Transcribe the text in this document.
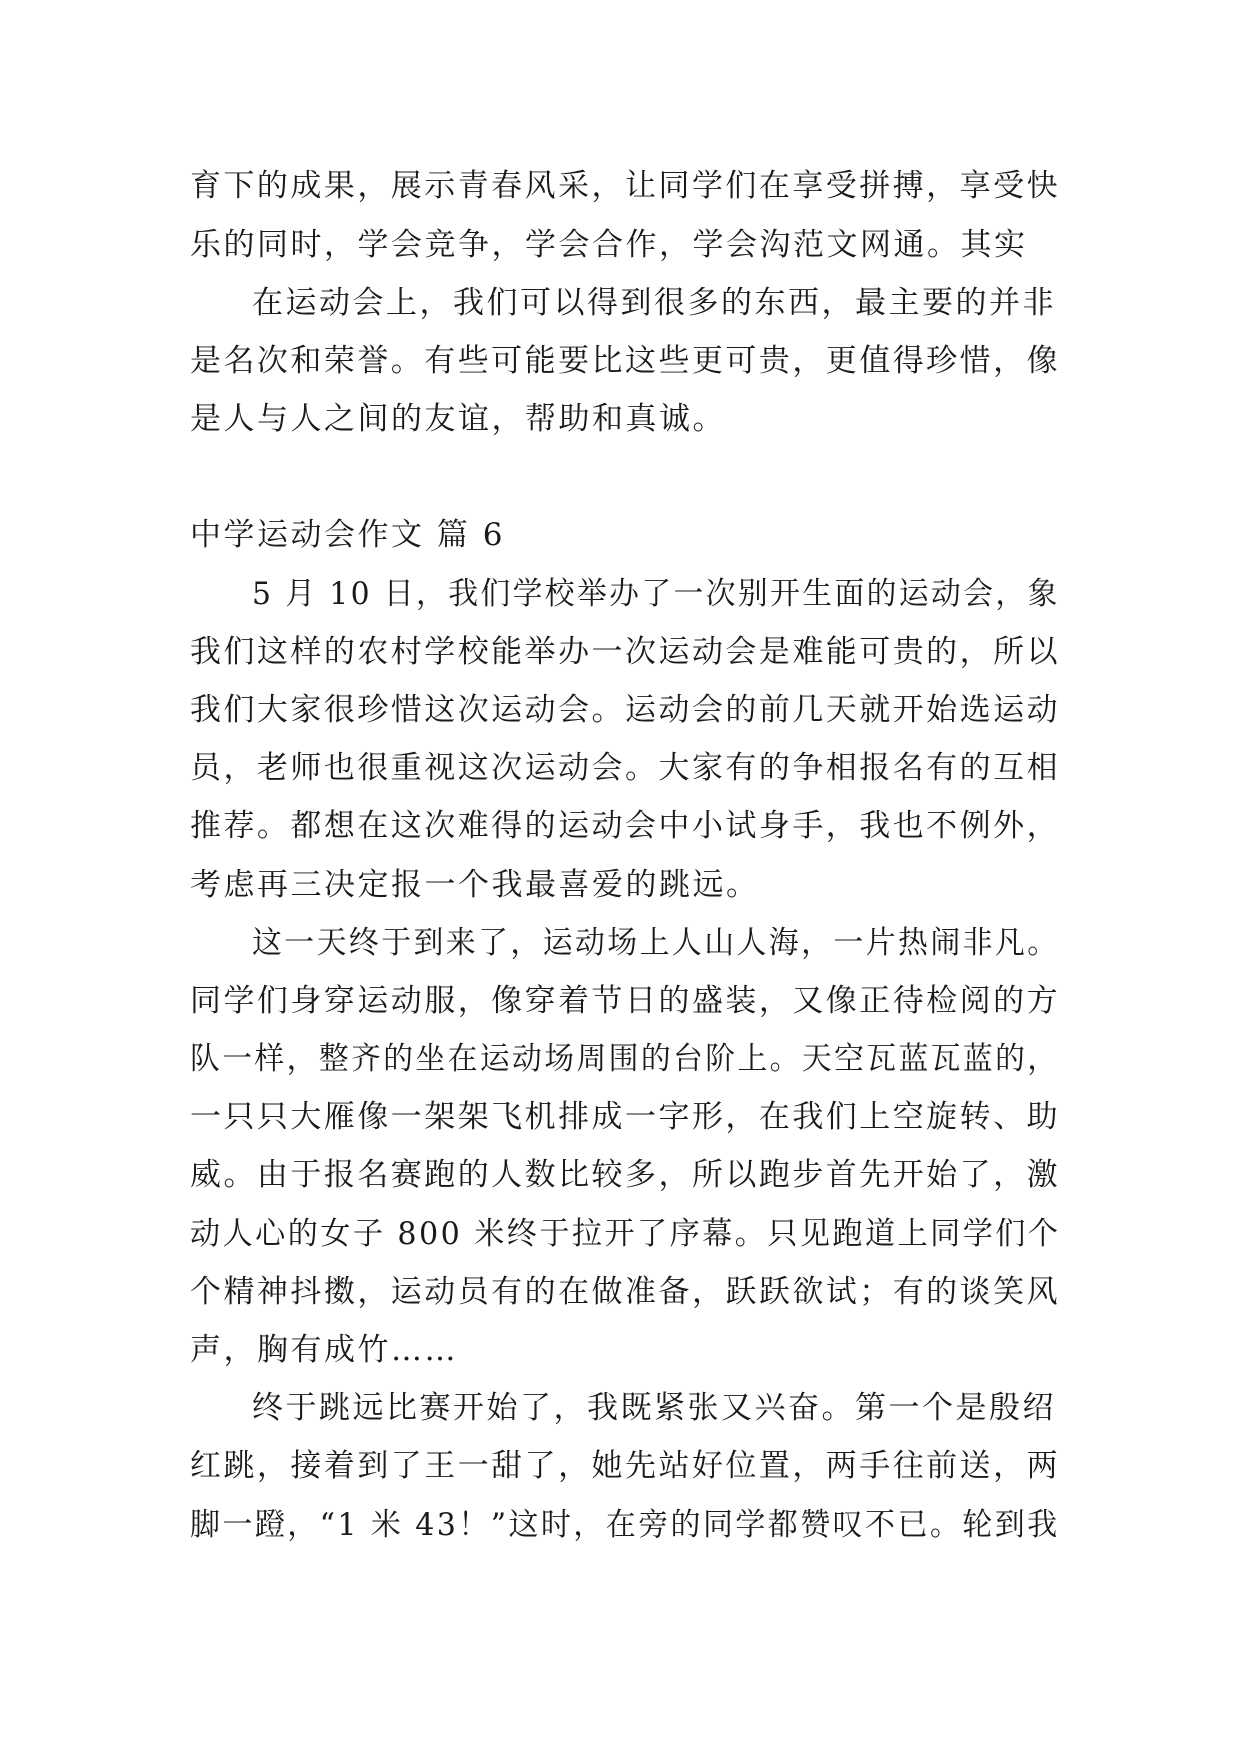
育下的成果，展示青春风采，让同学们在享受拼搏，享受快
乐的同时，学会竞争，学会合作，学会沟范文网通。其实
在运动会上，我们可以得到很多的东西，最主要的并非
是名次和荣誉。有些可能要比这些更可贵，更值得珍惜，像
是人与人之间的友谊，帮助和真诚。
中学运动会作文 篇 6
5 月 10 日，我们学校举办了一次别开生面的运动会，象
我们这样的农村学校能举办一次运动会是难能可贵的，所以
我们大家很珍惜这次运动会。运动会的前几天就开始选运动
员，老师也很重视这次运动会。大家有的争相报名有的互相
推荐。都想在这次难得的运动会中小试身手，我也不例外，
考虑再三决定报一个我最喜爱的跳远。
这一天终于到来了，运动场上人山人海，一片热闹非凡。
同学们身穿运动服，像穿着节日的盛装，又像正待检阅的方
队一样，整齐的坐在运动场周围的台阶上。天空瓦蓝瓦蓝的，
一只只大雁像一架架飞机排成一字形，在我们上空旋转、助
威。由于报名赛跑的人数比较多，所以跑步首先开始了，激
动人心的女子 800 米终于拉开了序幕。只见跑道上同学们个
个精神抖擞，运动员有的在做准备，跃跃欲试；有的谈笑风
声，胸有成竹……
终于跳远比赛开始了，我既紧张又兴奋。第一个是殷绍
红跳，接着到了王一甜了，她先站好位置，两手往前送，两
脚一蹬，“1 米 43！”这时，在旁的同学都赞叹不已。轮到我
